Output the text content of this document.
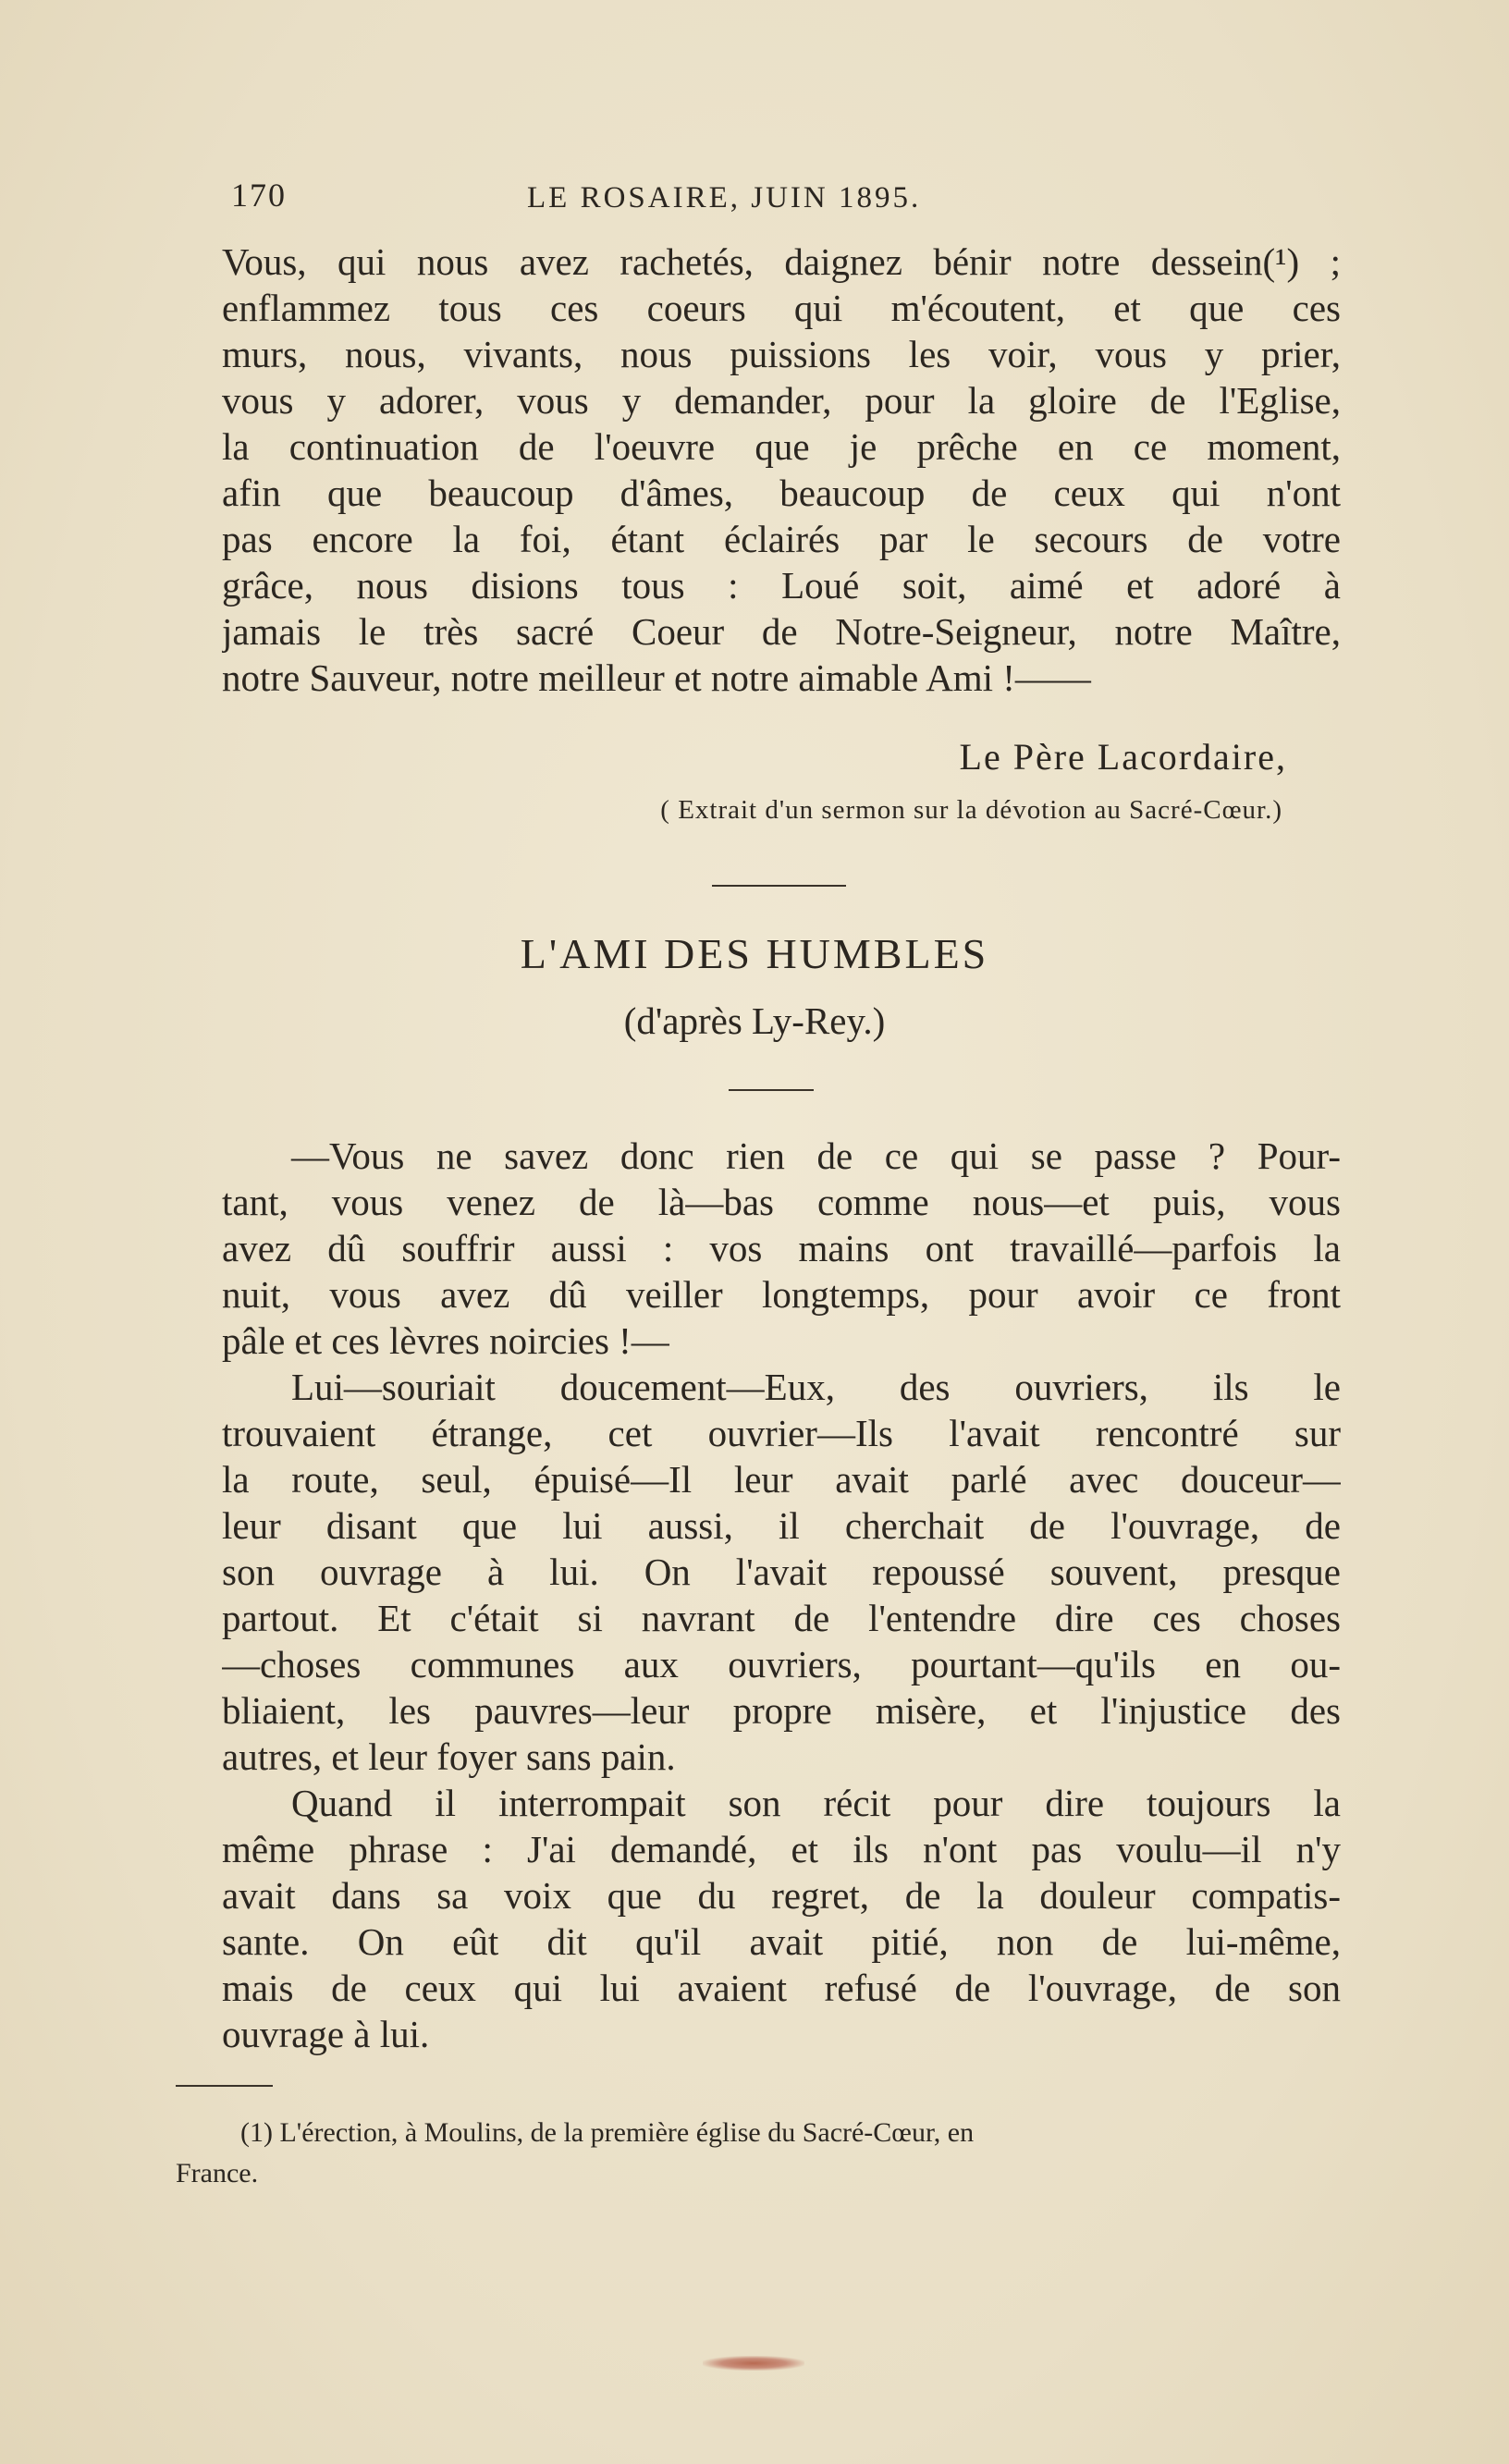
170	LE ROSAIRE, JUIN 1895.
Vous, qui nous avez rachetés, daignez bénir notre dessein(¹) ;
enflammez tous ces coeurs qui m'écoutent, et que ces
murs, nous, vivants, nous puissions les voir, vous y prier,
vous y adorer, vous y demander, pour la gloire de l'Eglise,
la continuation de l'oeuvre que je prêche en ce moment,
afin que beaucoup d'âmes, beaucoup de ceux qui n'ont
pas encore la foi, étant éclairés par le secours de votre
grâce, nous disions tous : Loué soit, aimé et adoré à
jamais le très sacré Coeur de Notre-Seigneur, notre Maître,
notre Sauveur, notre meilleur et notre aimable Ami !——
Le Père Lacordaire,
( Extrait d'un sermon sur la dévotion au Sacré-Cœur.)
L'AMI DES HUMBLES
(d'après Ly-Rey.)
—Vous ne savez donc rien de ce qui se passe ? Pour-
tant, vous venez de là—bas comme nous—et puis, vous
avez dû souffrir aussi : vos mains ont travaillé—parfois la
nuit, vous avez dû veiller longtemps, pour avoir ce front
pâle et ces lèvres noircies !—
Lui—souriait doucement—Eux, des ouvriers, ils le
trouvaient étrange, cet ouvrier—Ils l'avait rencontré sur
la route, seul, épuisé—Il leur avait parlé avec douceur—
leur disant que lui aussi, il cherchait de l'ouvrage, de
son ouvrage à lui. On l'avait repoussé souvent, presque
partout. Et c'était si navrant de l'entendre dire ces choses
—choses communes aux ouvriers, pourtant—qu'ils en ou-
bliaient, les pauvres—leur propre misère, et l'injustice des
autres, et leur foyer sans pain.
Quand il interrompait son récit pour dire toujours la
même phrase : J'ai demandé, et ils n'ont pas voulu—il n'y
avait dans sa voix que du regret, de la douleur compatis-
sante. On eût dit qu'il avait pitié, non de lui-même,
mais de ceux qui lui avaient refusé de l'ouvrage, de son
ouvrage à lui.
(1) L'érection, à Moulins, de la première église du Sacré-Cœur, en
France.
